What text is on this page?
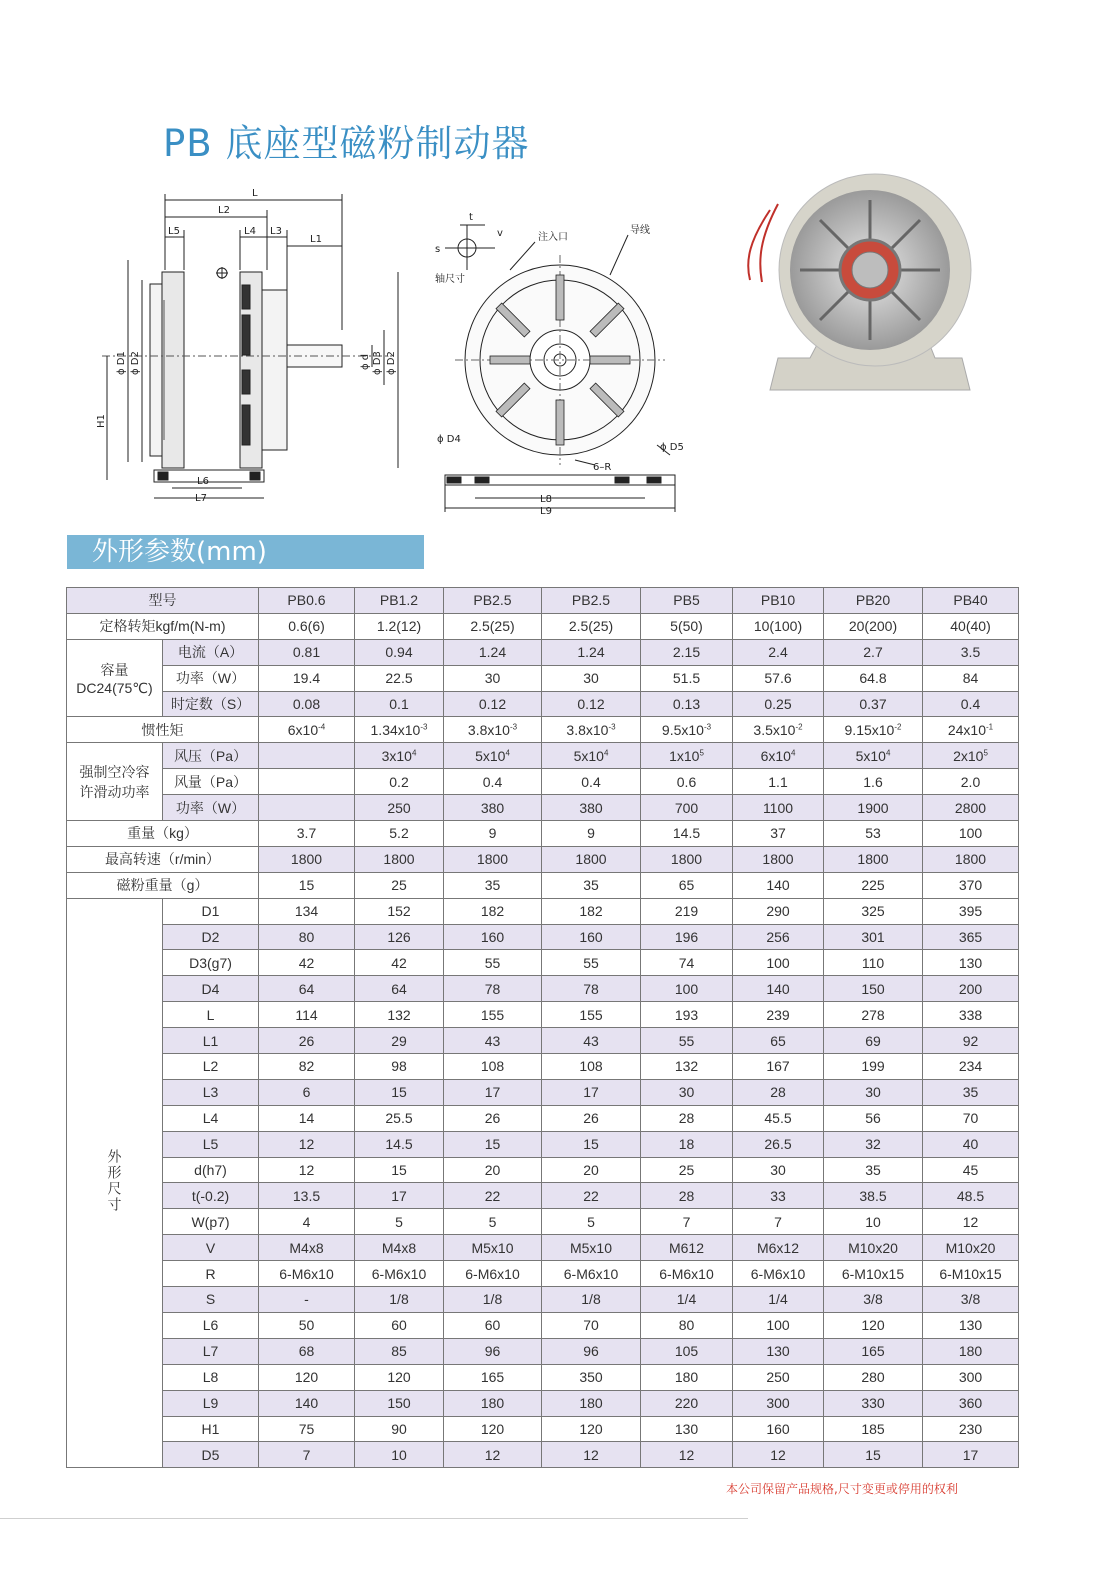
PB 底座型磁粉制动器
L
L2
L5	L4 L3
L1
L6
L7
ϕ D1 ϕ D2
H1
ϕ d ϕ D3 ϕ D2
注入口
导线
轴尺寸
t
v
s
ϕ D4
ϕ D5
6–R
L8
L9
外形参数(mm)
型号		PB0.6	PB1.2	PB2.5	PB2.5	PB5	PB10	PB20	PB40
定格转矩kgf/m(N-m)		0.6(6)	1.2(12)	2.5(25)	2.5(25)	5(50)	10(100)	20(200)	40(40)
容量
DC24(75℃)	电流（A）	0.81	0.94	1.24	1.24	2.15	2.4	2.7	3.5
	功率（W）	19.4	22.5	30	30	51.5	57.6	64.8	84
	时定数（S）	0.08	0.1	0.12	0.12	0.13	0.25	0.37	0.4
惯性矩		$6x10^{-4}$	$1.34x10^{-3}$	$3.8x10^{-3}$	$3.8x10^{-3}$	$9.5x10^{-3}$	$3.5x10^{-2}$	$9.15x10^{-2}$	$24x10^{-1}$
强制空冷容
许滑动功率	风压（Pa）		$3x10^4$	$5x10^4$	$5x10^4$	$1x10^5$	$6x10^4$	$5x10^4$	$2x10^5$
	风量（Pa）		0.2	0.4	0.4	0.6	1.1	1.6	2.0
	功率（W）		250	380	380	700	1100	1900	2800
重量（kg）		3.7	5.2	9	9	14.5	37	53	100
最高转速（r/min）		1800	1800	1800	1800	1800	1800	1800	1800
磁粉重量（g）		15	25	35	35	65	140	225	370
外形尺寸	D1	134	152	182	182	219	290	325	395
	D2	80	126	160	160	196	256	301	365
	D3(g7)	42	42	55	55	74	100	110	130
	D4	64	64	78	78	100	140	150	200
	L	114	132	155	155	193	239	278	338
	L1	26	29	43	43	55	65	69	92
	L2	82	98	108	108	132	167	199	234
	L3	6	15	17	17	30	28	30	35
	L4	14	25.5	26	26	28	45.5	56	70
	L5	12	14.5	15	15	18	26.5	32	40
	d(h7)	12	15	20	20	25	30	35	45
	t(-0.2)	13.5	17	22	22	28	33	38.5	48.5
	W(p7)	4	5	5	5	7	7	10	12
	V	M4x8	M4x8	M5x10	M5x10	M612	M6x12	M10x20	M10x20
	R	6-M6x10	6-M6x10	6-M6x10	6-M6x10	6-M6x10	6-M6x10	6-M10x15	6-M10x15
	S	-	1/8	1/8	1/8	1/4	1/4	3/8	3/8
	L6	50	60	60	70	80	100	120	130
	L7	68	85	96	96	105	130	165	180
	L8	120	120	165	350	180	250	280	300
	L9	140	150	180	180	220	300	330	360
	H1	75	90	120	120	130	160	185	230
	D5	7	10	12	12	12	12	15	17
本公司保留产品规格,尺寸变更或停用的权利
